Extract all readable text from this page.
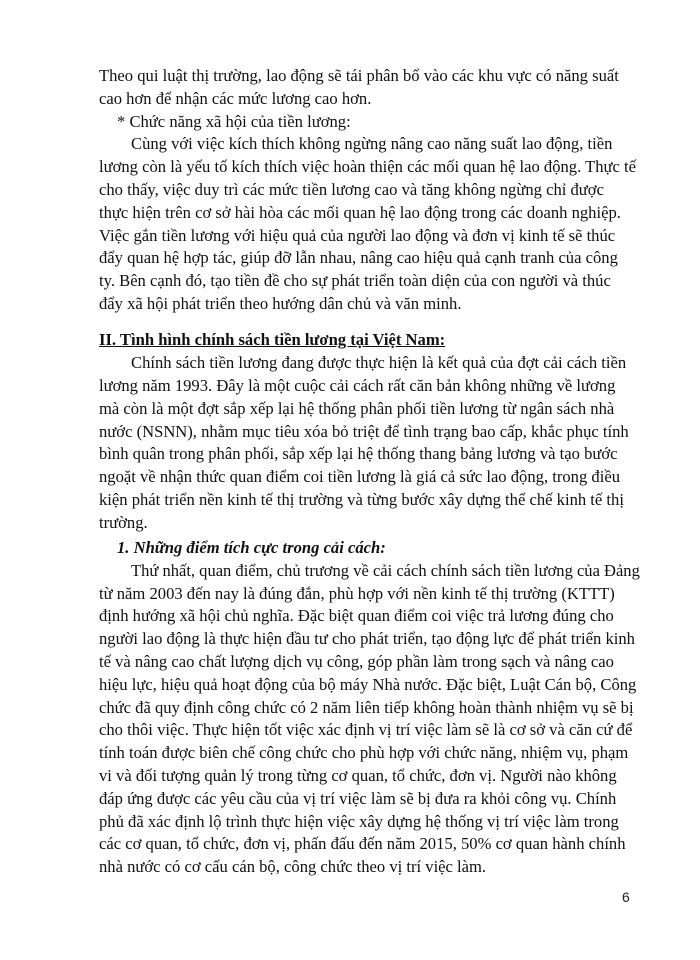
Theo qui luật thị trường, lao động sẽ tái phân bổ vào các khu vực có năng suất
cao hơn để nhận các mức lương cao hơn.
* Chức năng xã hội của tiền lương:
Cùng với việc kích thích không ngừng nâng cao năng suất lao động, tiền
lương còn là yếu tố kích thích việc hoàn thiện các mối quan hệ lao động. Thực tế
cho thấy, việc duy trì các mức tiền lương cao và tăng không ngừng chỉ được
thực hiện trên cơ sở hài hòa các mối quan hệ lao động trong các doanh nghiệp.
Việc gắn tiền lương với hiệu quả của người lao động và đơn vị kinh tế sẽ thúc
đẩy quan hệ hợp tác, giúp đỡ lẫn nhau, nâng cao hiệu quả cạnh tranh của công
ty. Bên cạnh đó, tạo tiền đề cho sự phát triển toàn diện của con người và thúc
đẩy xã hội phát triển theo hướng dân chủ và văn minh.
II. Tình hình chính sách tiền lương tại Việt Nam:
Chính sách tiền lương đang được thực hiện là kết quả của đợt cải cách tiền
lương năm 1993. Đây là một cuộc cải cách rất căn bản không những về lương
mà còn là một đợt sắp xếp lại hệ thống phân phối tiền lương từ ngân sách nhà
nước (NSNN), nhằm mục tiêu xóa bỏ triệt để tình trạng bao cấp, khắc phục tính
bình quân trong phân phối, sắp xếp lại hệ thống thang bảng lương và tạo bước
ngoặt về nhận thức quan điểm coi tiền lương là giá cả sức lao động, trong điều
kiện phát triển nền kinh tế thị trường và từng bước xây dựng thể chế kinh tế thị
trường.
1. Những điểm tích cực trong cải cách:
Thứ nhất, quan điểm, chủ trương về cải cách chính sách tiền lương của Đảng
từ năm 2003 đến nay là đúng đắn, phù hợp với nền kinh tế thị trường (KTTT)
định hướng xã hội chủ nghĩa. Đặc biệt quan điểm coi việc trả lương đúng cho
người lao động là thực hiện đầu tư cho phát triển, tạo động lực để phát triển kinh
tế và nâng cao chất lượng dịch vụ công, góp phần làm trong sạch và nâng cao
hiệu lực, hiệu quả hoạt động của bộ máy Nhà nước. Đặc biệt, Luật Cán bộ, Công
chức đã quy định công chức có 2 năm liên tiếp không hoàn thành nhiệm vụ sẽ bị
cho thôi việc. Thực hiện tốt việc xác định vị trí việc làm sẽ là cơ sở và căn cứ để
tính toán được biên chế công chức cho phù hợp với chức năng, nhiệm vụ, phạm
vi và đối tượng quản lý trong từng cơ quan, tổ chức, đơn vị. Người nào không
đáp ứng được các yêu cầu của vị trí việc làm sẽ bị đưa ra khỏi công vụ. Chính
phủ đã xác định lộ trình thực hiện việc xây dựng hệ thống vị trí việc làm trong
các cơ quan, tổ chức, đơn vị, phấn đấu đến năm 2015, 50% cơ quan hành chính
nhà nước có cơ cấu cán bộ, công chức theo vị trí việc làm.
6
